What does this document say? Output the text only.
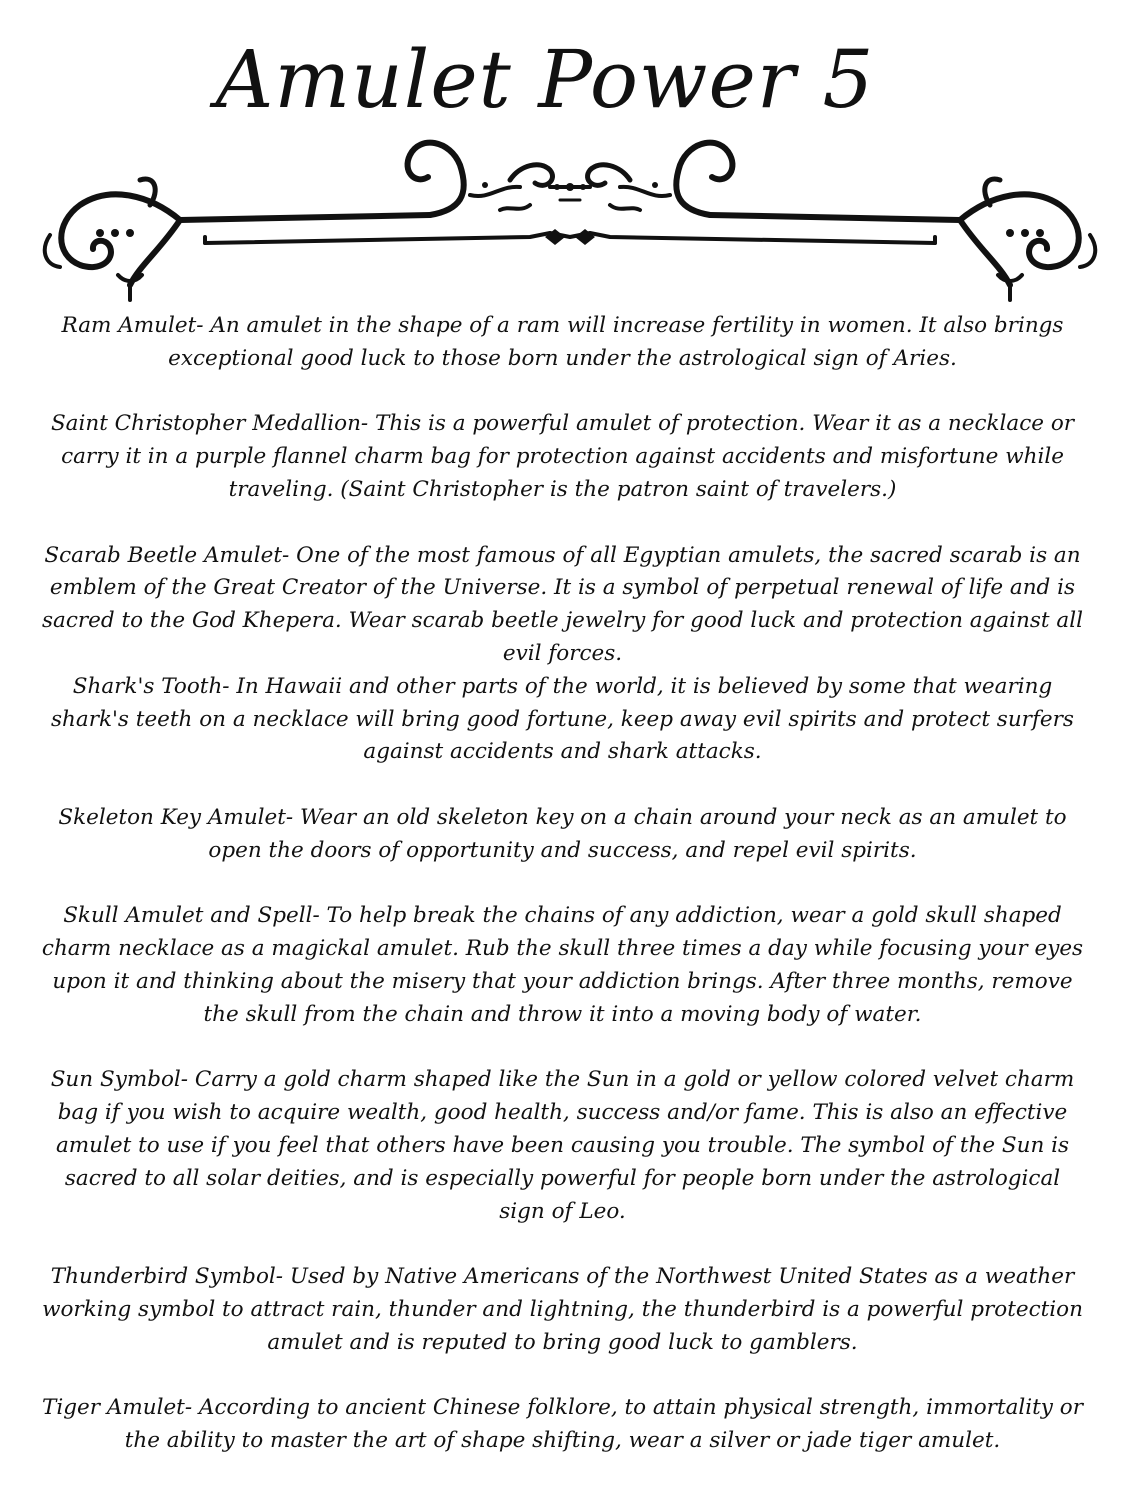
Amulet Power 5

Ram Amulet- An amulet in the shape of a ram will increase fertility in women. It also brings exceptional good luck to those born under the astrological sign of Aries.

Saint Christopher Medallion- This is a powerful amulet of protection. Wear it as a necklace or carry it in a purple flannel charm bag for protection against accidents and misfortune while traveling. (Saint Christopher is the patron saint of travelers.)

Scarab Beetle Amulet- One of the most famous of all Egyptian amulets, the sacred scarab is an emblem of the Great Creator of the Universe. It is a symbol of perpetual renewal of life and is sacred to the God Khepera. Wear scarab beetle jewelry for good luck and protection against all evil forces.

Shark's Tooth- In Hawaii and other parts of the world, it is believed by some that wearing shark's teeth on a necklace will bring good fortune, keep away evil spirits and protect surfers against accidents and shark attacks.

Skeleton Key Amulet- Wear an old skeleton key on a chain around your neck as an amulet to open the doors of opportunity and success, and repel evil spirits.

Skull Amulet and Spell- To help break the chains of any addiction, wear a gold skull shaped charm necklace as a magickal amulet. Rub the skull three times a day while focusing your eyes upon it and thinking about the misery that your addiction brings. After three months, remove the skull from the chain and throw it into a moving body of water.

Sun Symbol- Carry a gold charm shaped like the Sun in a gold or yellow colored velvet charm bag if you wish to acquire wealth, good health, success and/or fame. This is also an effective amulet to use if you feel that others have been causing you trouble. The symbol of the Sun is sacred to all solar deities, and is especially powerful for people born under the astrological sign of Leo.

Thunderbird Symbol- Used by Native Americans of the Northwest United States as a weather working symbol to attract rain, thunder and lightning, the thunderbird is a powerful protection amulet and is reputed to bring good luck to gamblers.

Tiger Amulet- According to ancient Chinese folklore, to attain physical strength, immortality or the ability to master the art of shape shifting, wear a silver or jade tiger amulet.
